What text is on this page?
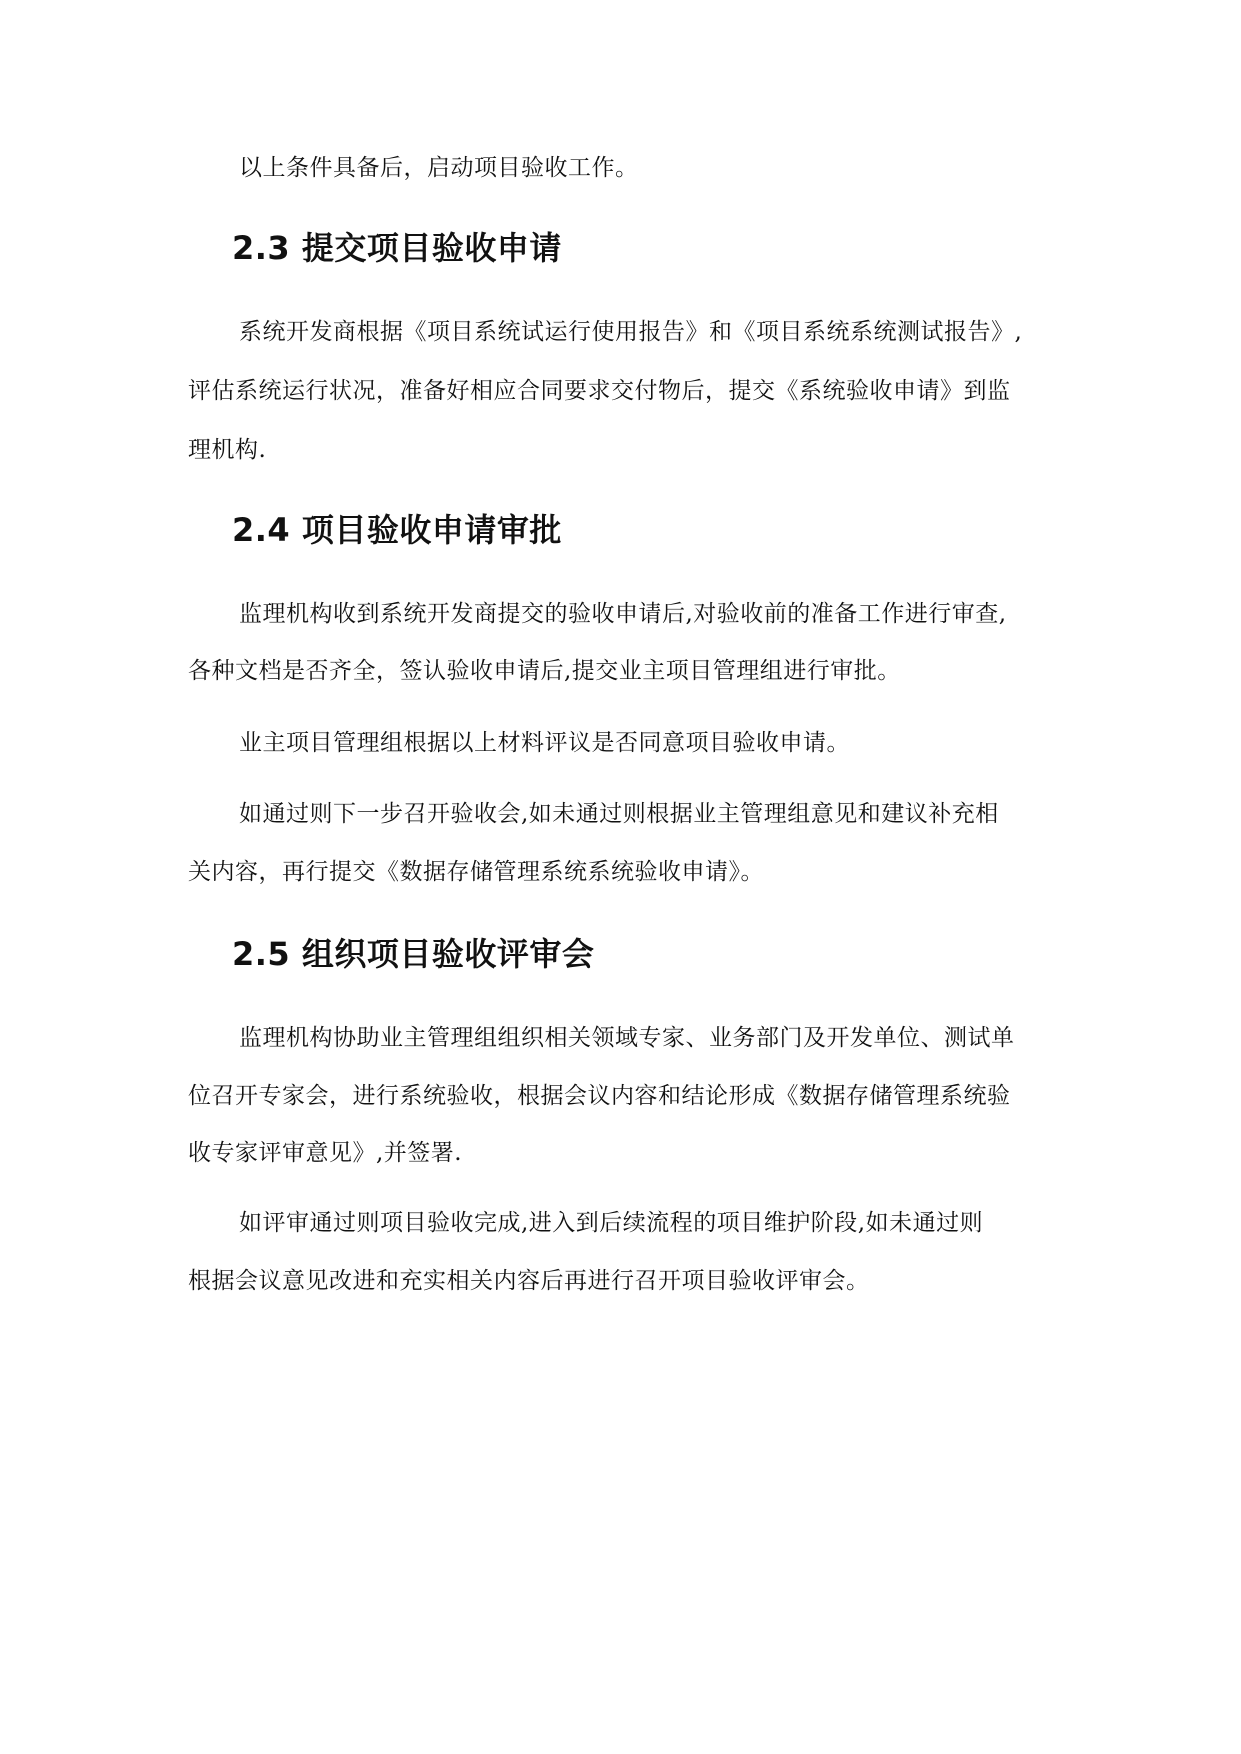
以上条件具备后，启动项目验收工作。

2.3 提交项目验收申请

系统开发商根据《项目系统试运行使用报告》和《项目系统系统测试报告》,

评估系统运行状况，准备好相应合同要求交付物后，提交《系统验收申请》到监

理机构.

2.4 项目验收申请审批

监理机构收到系统开发商提交的验收申请后,对验收前的准备工作进行审查,

各种文档是否齐全，签认验收申请后,提交业主项目管理组进行审批。

业主项目管理组根据以上材料评议是否同意项目验收申请。

如通过则下一步召开验收会,如未通过则根据业主管理组意见和建议补充相

关内容，再行提交《数据存储管理系统系统验收申请》。

2.5 组织项目验收评审会

监理机构协助业主管理组组织相关领域专家、业务部门及开发单位、测试单

位召开专家会，进行系统验收，根据会议内容和结论形成《数据存储管理系统验

收专家评审意见》,并签署.

如评审通过则项目验收完成,进入到后续流程的项目维护阶段,如未通过则

根据会议意见改进和充实相关内容后再进行召开项目验收评审会。
